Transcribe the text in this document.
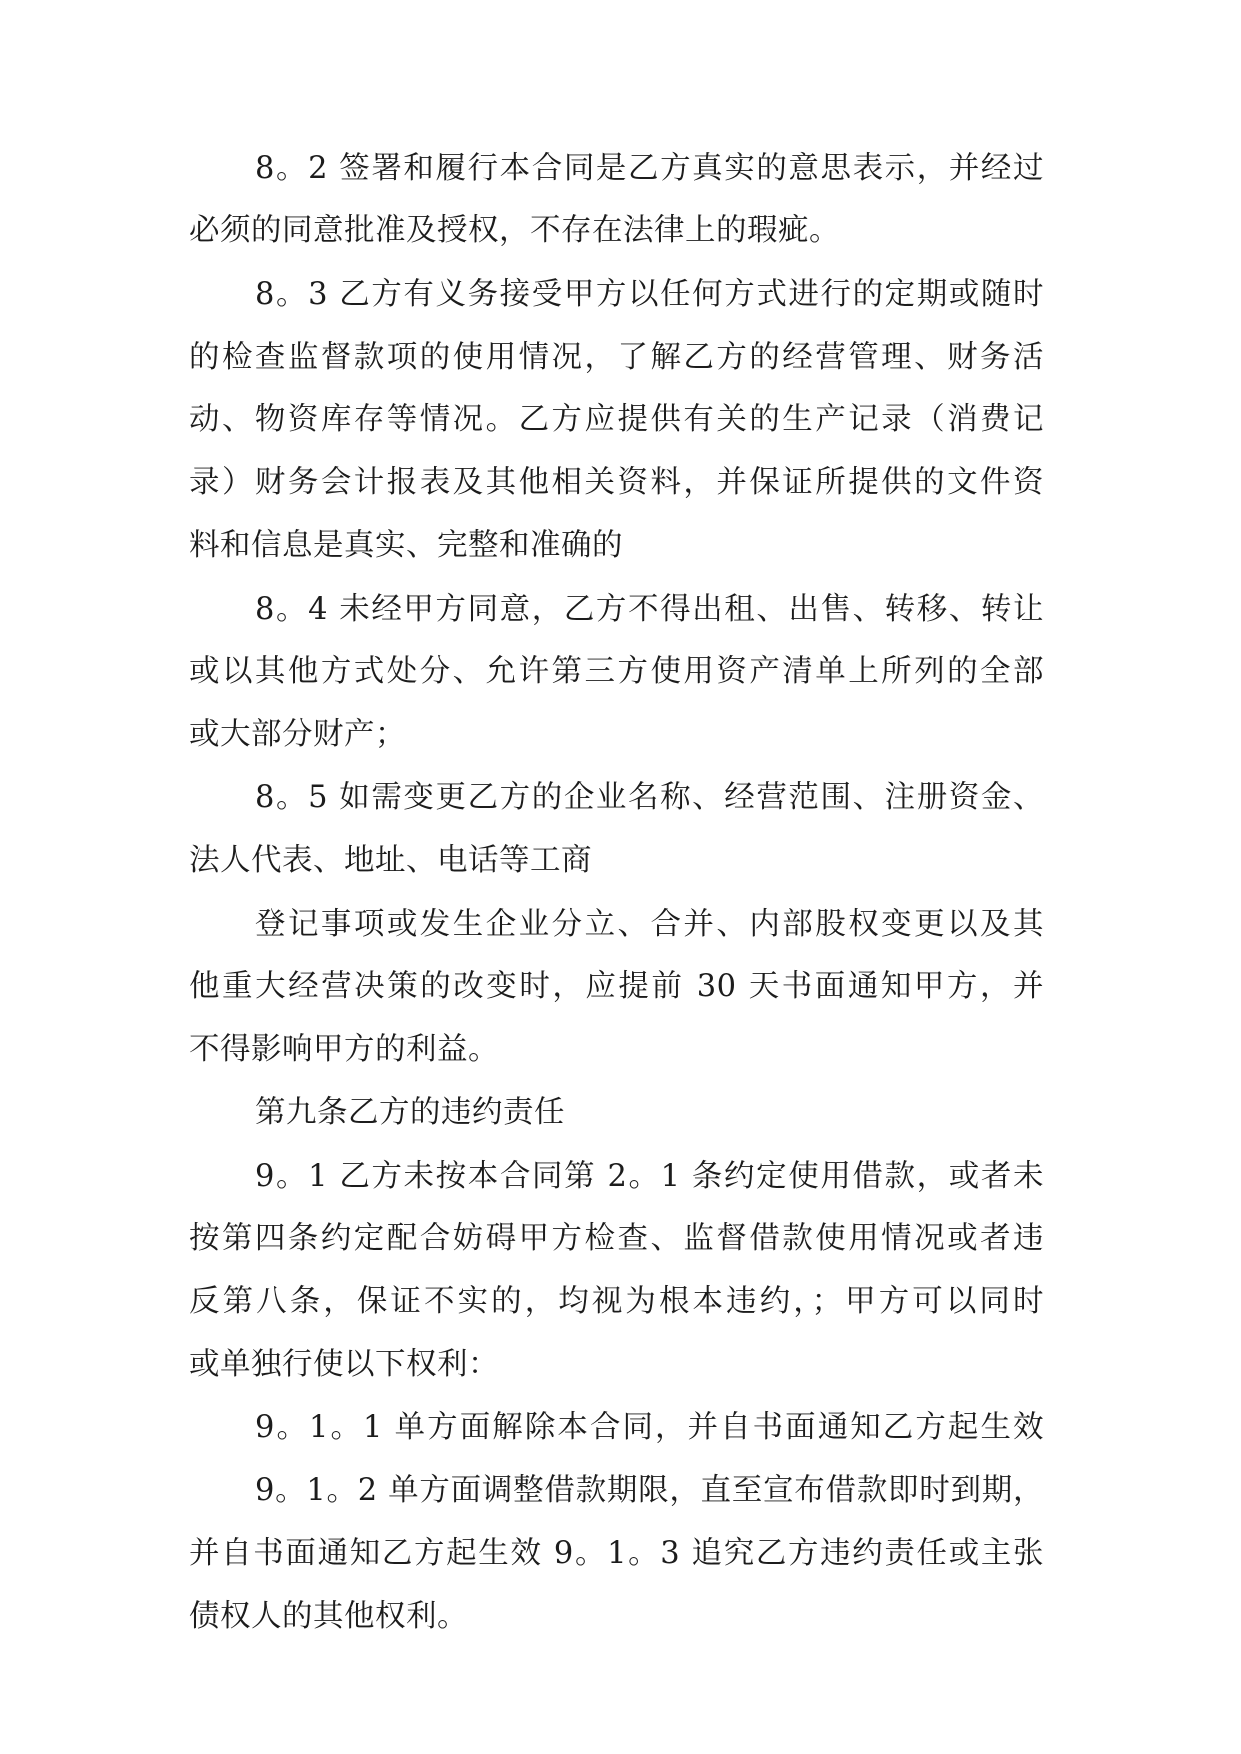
8。2 签署和履行本合同是乙方真实的意思表示，并经过

必须的同意批准及授权，不存在法律上的瑕疵。

8。3 乙方有义务接受甲方以任何方式进行的定期或随时

的检查监督款项的使用情况，了解乙方的经营管理、财务活

动、物资库存等情况。乙方应提供有关的生产记录（消费记

录）财务会计报表及其他相关资料，并保证所提供的文件资

料和信息是真实、完整和准确的

8。4 未经甲方同意，乙方不得出租、出售、转移、转让

或以其他方式处分、允许第三方使用资产清单上所列的全部

或大部分财产；

8。5 如需变更乙方的企业名称、经营范围、注册资金、

法人代表、地址、电话等工商

登记事项或发生企业分立、合并、内部股权变更以及其

他重大经营决策的改变时，应提前 30 天书面通知甲方，并

不得影响甲方的利益。

第九条乙方的违约责任

9。1 乙方未按本合同第 2。1 条约定使用借款，或者未

按第四条约定配合妨碍甲方检查、监督借款使用情况或者违

反第八条，保证不实的，均视为根本违约，；甲方可以同时

或单独行使以下权利：

9。1。1 单方面解除本合同，并自书面通知乙方起生效

9。1。2 单方面调整借款期限，直至宣布借款即时到期，

并自书面通知乙方起生效 9。1。3 追究乙方违约责任或主张

债权人的其他权利。
